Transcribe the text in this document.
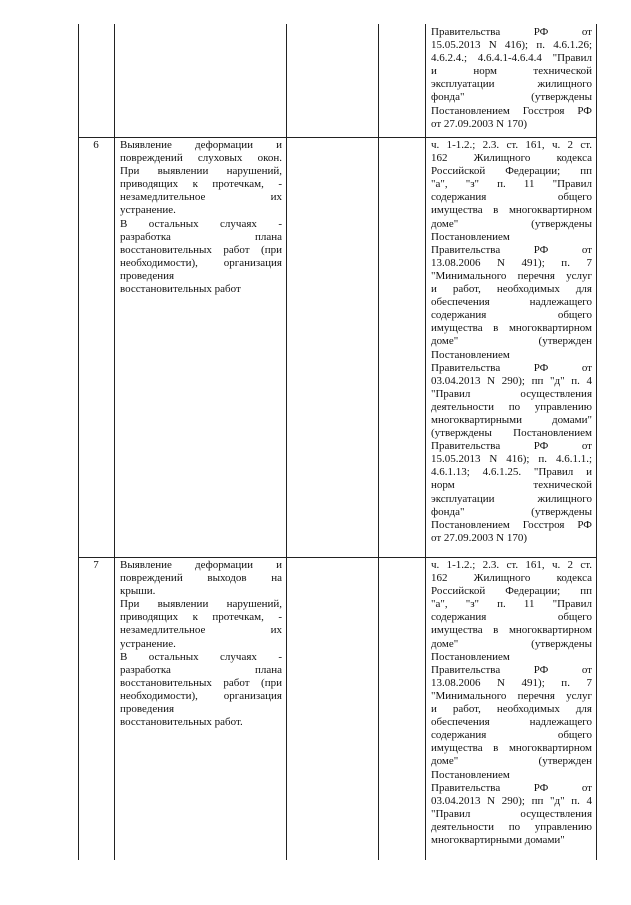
Правительства РФ от
15.05.2013 N 416); п. 4.6.1.26;
4.6.2.4.; 4.6.4.1-4.6.4.4 "Правил
и норм технической
эксплуатации жилищного
фонда" (утверждены
Постановлением Госстроя РФ
от 27.09.2003 N 170)
6	Выявление деформации и
повреждений слуховых окон.
При выявлении нарушений,
приводящих к протечкам, -
незамедлительное их
устранение.
В остальных случаях -
разработка плана
восстановительных работ (при
необходимости), организация
проведения
восстановительных работ
ч. 1-1.2.; 2.3. ст. 161, ч. 2 ст.
162 Жилищного кодекса
Российской Федерации; пп
"а", "з" п. 11 "Правил
содержания общего
имущества в многоквартирном
доме" (утверждены
Постановлением
Правительства РФ от
13.08.2006 N 491); п. 7
"Минимального перечня услуг
и работ, необходимых для
обеспечения надлежащего
содержания общего
имущества в многоквартирном
доме" (утвержден
Постановлением
Правительства РФ от
03.04.2013 N 290); пп "д" п. 4
"Правил осуществления
деятельности по управлению
многоквартирными домами"
(утверждены Постановлением
Правительства РФ от
15.05.2013 N 416); п. 4.6.1.1.;
4.6.1.13; 4.6.1.25. "Правил и
норм технической
эксплуатации жилищного
фонда" (утверждены
Постановлением Госстроя РФ
от 27.09.2003 N 170)
7	Выявление деформации и
повреждений выходов на
крыши.
При выявлении нарушений,
приводящих к протечкам, -
незамедлительное их
устранение.
В остальных случаях -
разработка плана
восстановительных работ (при
необходимости), организация
проведения
восстановительных работ.
ч. 1-1.2.; 2.3. ст. 161, ч. 2 ст.
162 Жилищного кодекса
Российской Федерации; пп
"а", "з" п. 11 "Правил
содержания общего
имущества в многоквартирном
доме" (утверждены
Постановлением
Правительства РФ от
13.08.2006 N 491); п. 7
"Минимального перечня услуг
и работ, необходимых для
обеспечения надлежащего
содержания общего
имущества в многоквартирном
доме" (утвержден
Постановлением
Правительства РФ от
03.04.2013 N 290); пп "д" п. 4
"Правил осуществления
деятельности по управлению
многоквартирными домами"
